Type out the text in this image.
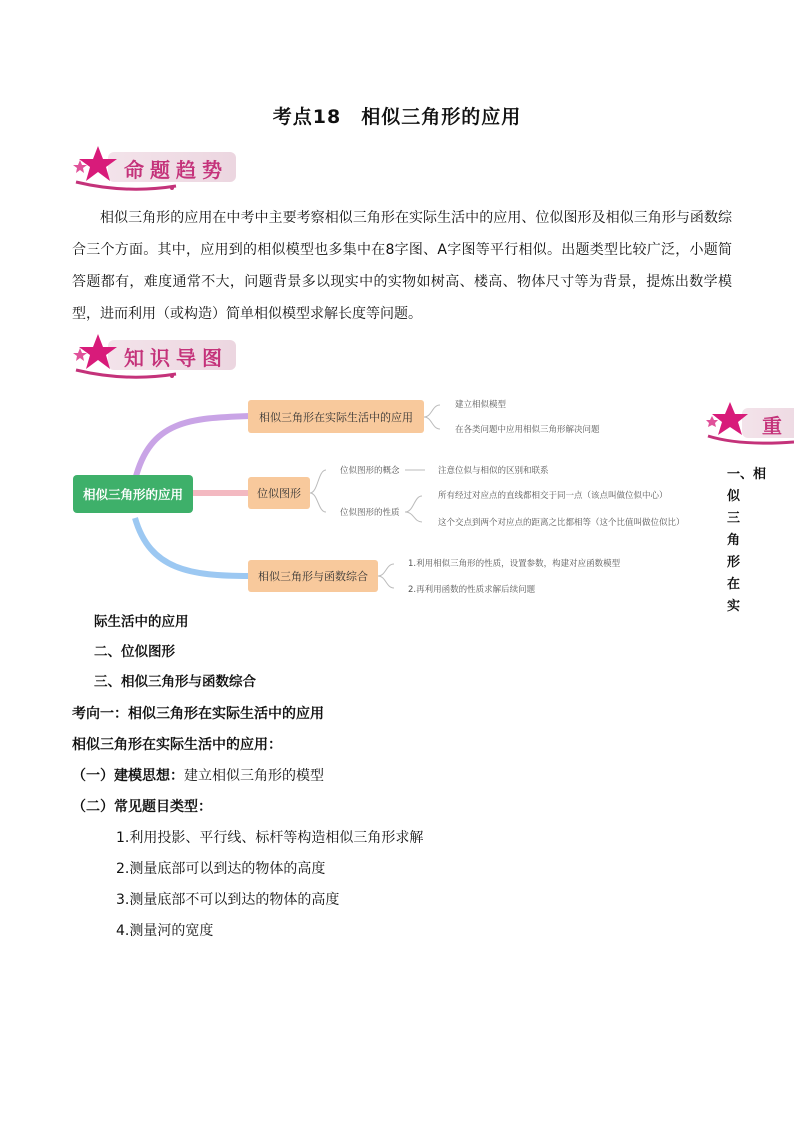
考点18　相似三角形的应用
命题趋势
相似三角形的应用在中考中主要考察相似三角形在实际生活中的应用、位似图形及相似三角形与函数综合三个方面。其中，应用到的相似模型也多集中在8字图、A字图等平行相似。出题类型比较广泛，小题简答题都有，难度通常不大，问题背景多以现实中的实物如树高、楼高、物体尺寸等为背景，提炼出数学模型，进而利用（或构造）简单相似模型求解长度等问题。
知识导图
相似三角形的应用
相似三角形在实际生活中的应用
建立相似模型
在各类问题中应用相似三角形解决问题
位似图形
位似图形的概念
位似图形的性质
注意位似与相似的区别和联系
所有经过对应点的直线都相交于同一点（该点叫做位似中心）
这个交点到两个对应点的距离之比都相等（这个比值叫做位似比）
相似三角形与函数综合
1.利用相似三角形的性质，设置参数，构建对应函数模型
2.再利用函数的性质求解后续问题
重
一、相
似
三
角
形
在
实
际生活中的应用
二、位似图形
三、相似三角形与函数综合
考向一：相似三角形在实际生活中的应用
相似三角形在实际生活中的应用：
（一）建模思想：建立相似三角形的模型
（二）常见题目类型：
1.利用投影、平行线、标杆等构造相似三角形求解
2.测量底部可以到达的物体的高度
3.测量底部不可以到达的物体的高度
4.测量河的宽度
